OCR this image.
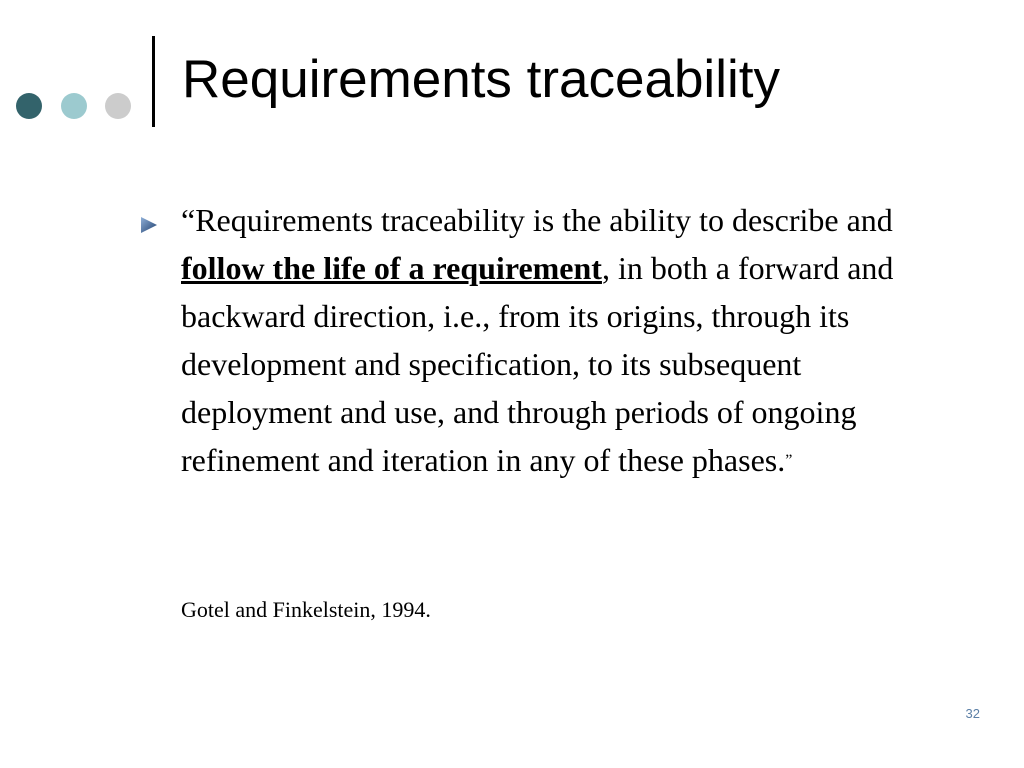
Requirements traceability

“Requirements traceability is the ability to describe and follow the life of a requirement, in both a forward and backward direction, i.e., from its origins, through its development and specification, to its subsequent deployment and use, and through periods of ongoing refinement and iteration in any of these phases.”

Gotel and Finkelstein, 1994.
32
